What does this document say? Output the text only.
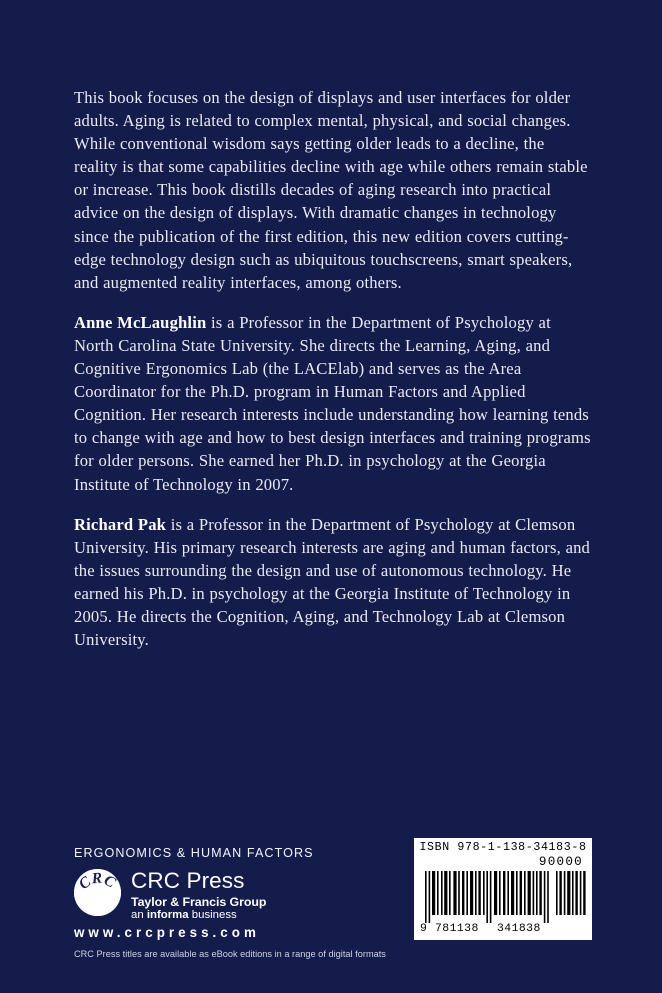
This book focuses on the design of displays and user interfaces for older adults. Aging is related to complex mental, physical, and social changes. While conventional wisdom says getting older leads to a decline, the reality is that some capabilities decline with age while others remain stable or increase. This book distills decades of aging research into practical advice on the design of displays. With dramatic changes in technology since the publication of the first edition, this new edition covers cutting-edge technology design such as ubiquitous touchscreens, smart speakers, and augmented reality interfaces, among others.

Anne McLaughlin is a Professor in the Department of Psychology at North Carolina State University. She directs the Learning, Aging, and Cognitive Ergonomics Lab (the LACElab) and serves as the Area Coordinator for the Ph.D. program in Human Factors and Applied Cognition. Her research interests include understanding how learning tends to change with age and how to best design interfaces and training programs for older persons. She earned her Ph.D. in psychology at the Georgia Institute of Technology in 2007.

Richard Pak is a Professor in the Department of Psychology at Clemson University. His primary research interests are aging and human factors, and the issues surrounding the design and use of autonomous technology. He earned his Ph.D. in psychology at the Georgia Institute of Technology in 2005. He directs the Cognition, Aging, and Technology Lab at Clemson University.

ERGONOMICS & HUMAN FACTORS
CRC CRC Press
Taylor & Francis Group
an informa business
www.crcpress.com
CRC Press titles are available as eBook editions in a range of digital formats
ISBN 978-1-138-34183-8
90000
9 781138 341838
